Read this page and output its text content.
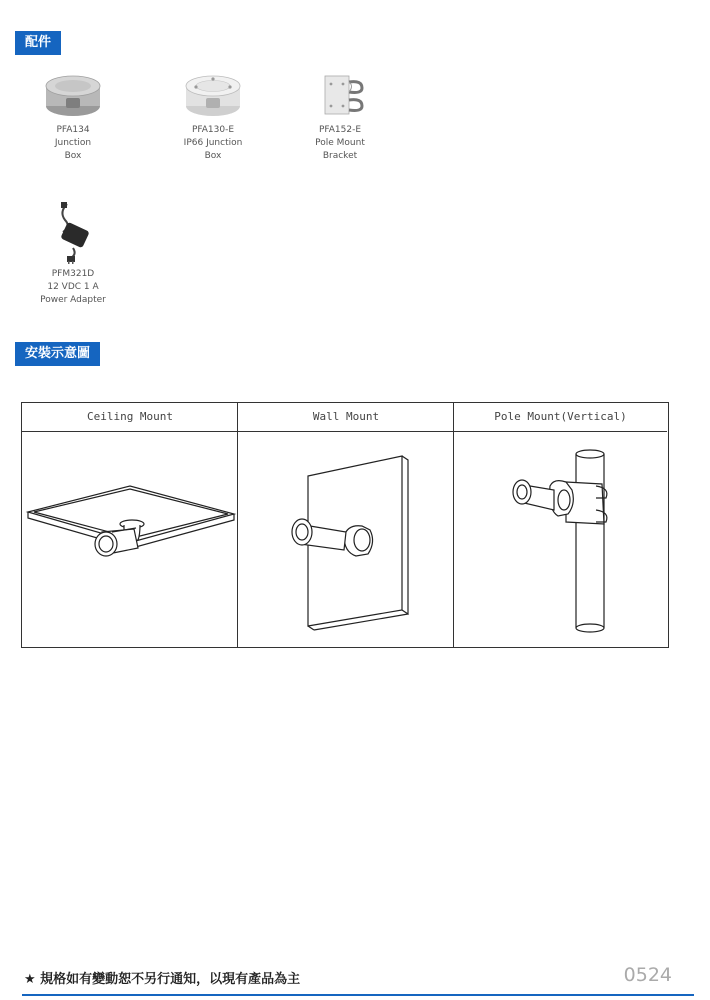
配件
PFA134
Junction
Box
PFA130-E
IP66 Junction
Box
PFA152-E
Pole Mount
Bracket
PFM321D
12 VDC 1 A
Power Adapter
安裝示意圖
Ceiling Mount	Wall Mount	Pole Mount(Vertical)
★ 規格如有變動恕不另行通知，以現有產品為主	0524
